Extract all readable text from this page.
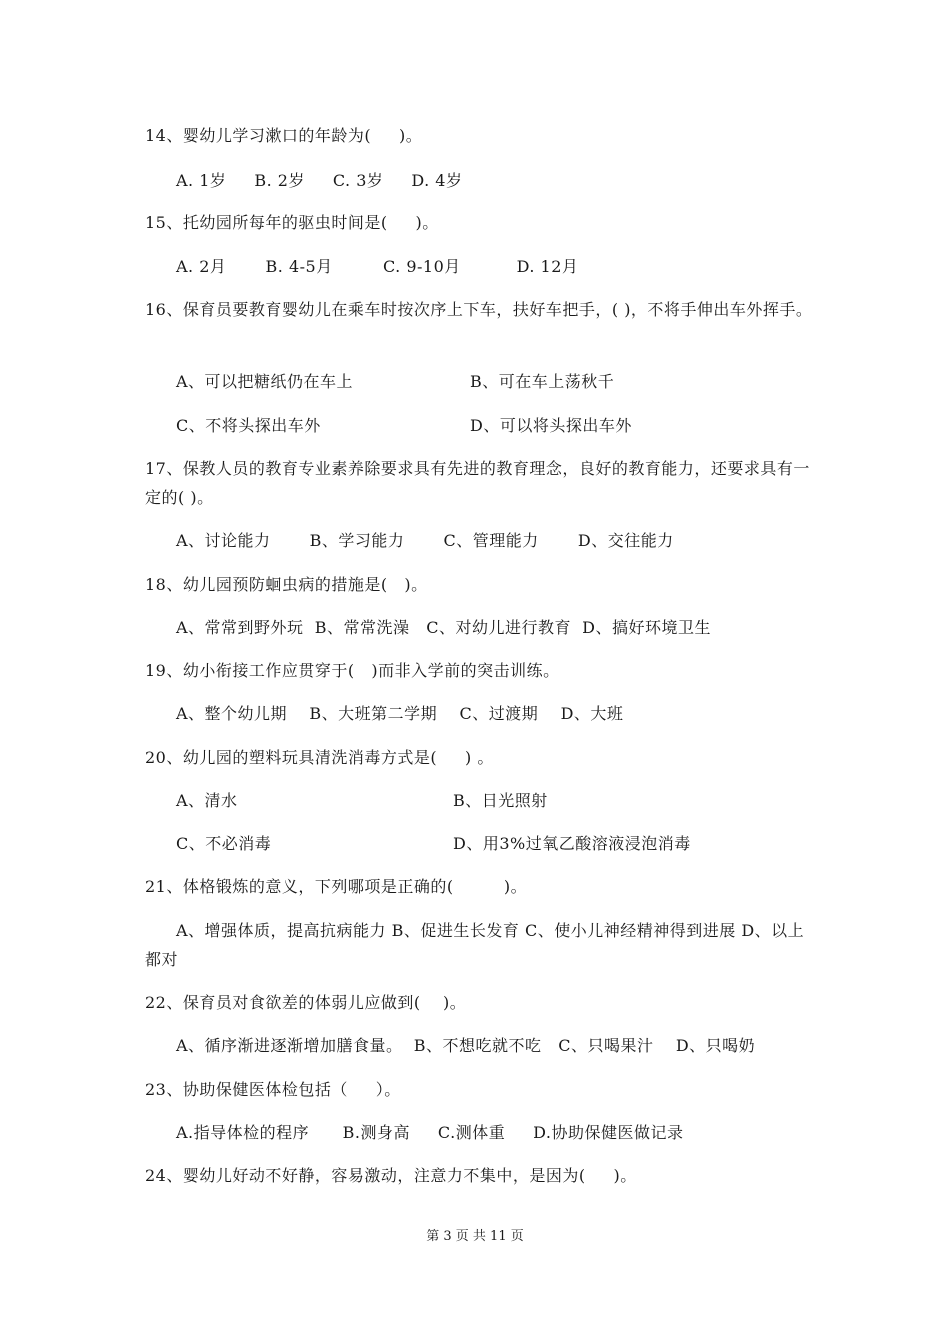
14、婴幼儿学习漱口的年龄为(     )。
A. 1岁     B. 2岁     C. 3岁     D. 4岁
15、托幼园所每年的驱虫时间是(     )。
A. 2月       B. 4-5月         C. 9-10月          D. 12月
16、保育员要教育婴幼儿在乘车时按次序上下车，扶好车把手，( )，不将手伸出车外挥手。
A、可以把糖纸仍在车上	B、可在车上荡秋千
C、不将头探出车外	D、可以将头探出车外
17、保教人员的教育专业素养除要求具有先进的教育理念，良好的教育能力，还要求具有一定的( )。
A、讨论能力       B、学习能力       C、管理能力       D、交往能力
18、幼儿园预防蛔虫病的措施是(   )。
A、常常到野外玩  B、常常洗澡   C、对幼儿进行教育  D、搞好环境卫生
19、幼小衔接工作应贯穿于(   )而非入学前的突击训练。
A、整个幼儿期    B、大班第二学期    C、过渡期    D、大班
20、幼儿园的塑料玩具清洗消毒方式是(     ) 。
A、清水	B、日光照射
C、不必消毒	D、用3%过氧乙酸溶液浸泡消毒
21、体格锻炼的意义，下列哪项是正确的(         )。
A、增强体质，提高抗病能力 B、促进生长发育 C、使小儿神经精神得到进展 D、以上都对
22、保育员对食欲差的体弱儿应做到(    )。
A、循序渐进逐渐增加膳食量。  B、不想吃就不吃   C、只喝果汁    D、只喝奶
23、协助保健医体检包括（     ）。
A.指导体检的程序      B.测身高     C.测体重     D.协助保健医做记录
24、婴幼儿好动不好静，容易激动，注意力不集中，是因为(     )。
第 3 页 共 11 页
